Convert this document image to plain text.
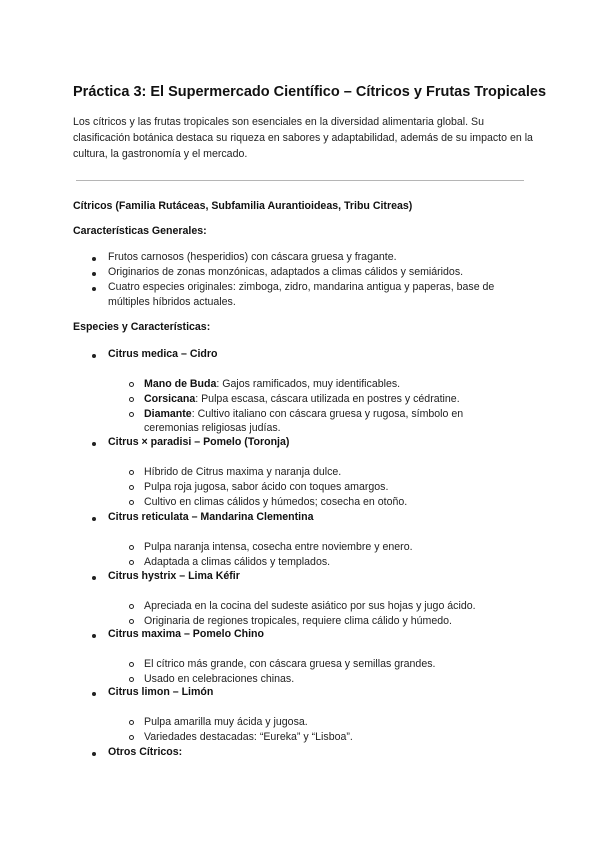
Práctica 3: El Supermercado Científico – Cítricos y Frutas Tropicales

Los cítricos y las frutas tropicales son esenciales en la diversidad alimentaria global. Su clasificación botánica destaca su riqueza en sabores y adaptabilidad, además de su impacto en la cultura, la gastronomía y el mercado.

Cítricos (Familia Rutáceas, Subfamilia Aurantioideas, Tribu Citreas)
Características Generales:
Frutos carnosos (hesperidios) con cáscara gruesa y fragante.
Originarios de zonas monzónicas, adaptados a climas cálidos y semiáridos.
Cuatro especies originales: zimboga, zidro, mandarina antigua y paperas, base de
múltiples híbridos actuales.
Especies y Características:
Citrus medica – Cidro
Mano de Buda: Gajos ramificados, muy identificables.
Corsicana: Pulpa escasa, cáscara utilizada en postres y cédratine.
Diamante: Cultivo italiano con cáscara gruesa y rugosa, símbolo en
ceremonias religiosas judías.
Citrus × paradisi – Pomelo (Toronja)
Híbrido de Citrus maxima y naranja dulce.
Pulpa roja jugosa, sabor ácido con toques amargos.
Cultivo en climas cálidos y húmedos; cosecha en otoño.
Citrus reticulata – Mandarina Clementina
Pulpa naranja intensa, cosecha entre noviembre y enero.
Adaptada a climas cálidos y templados.
Citrus hystrix – Lima Kéfir
Apreciada en la cocina del sudeste asiático por sus hojas y jugo ácido.
Originaria de regiones tropicales, requiere clima cálido y húmedo.
Citrus maxima – Pomelo Chino
El cítrico más grande, con cáscara gruesa y semillas grandes.
Usado en celebraciones chinas.
Citrus limon – Limón
Pulpa amarilla muy ácida y jugosa.
Variedades destacadas: “Eureka” y “Lisboa”.
Otros Cítricos:
